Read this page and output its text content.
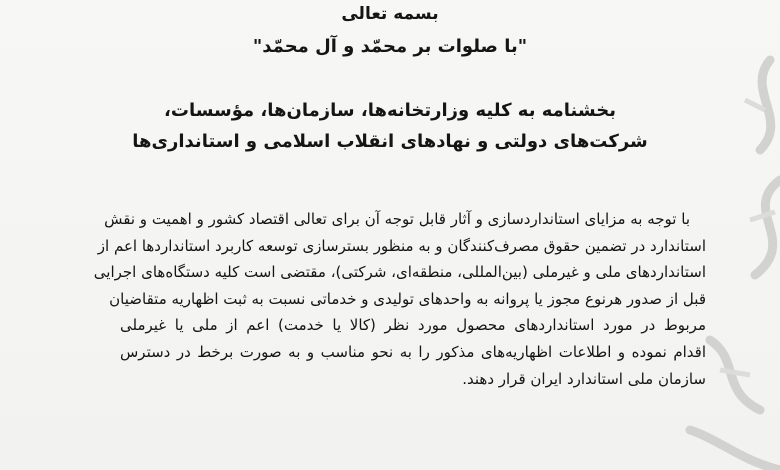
بسمه تعالی
"با صلوات بر محمّد و آل محمّد"
بخشنامه به کلیه وزارتخانه‌ها، سازمان‌ها، مؤسسات،
شرکت‌های دولتی و نهادهای انقلاب اسلامی و استانداری‌ها
با توجه به مزایای استانداردسازی و آثار قابل توجه آن برای تعالی اقتصاد کشور و اهمیت و نقش
استاندارد در تضمین حقوق مصرف‌کنندگان و به منظور بسترسازی توسعه کاربرد استانداردها اعم از
استانداردهای ملی و غیرملی (بین‌المللی، منطقه‌ای، شرکتی)، مقتضی است کلیه دستگاه‌های اجرایی
قبل از صدور هرنوع مجوز یا پروانه به واحدهای تولیدی و خدماتی نسبت به ثبت اظهاریه متقاضیان
مربوط در مورد استانداردهای محصول مورد نظر (کالا یا خدمت) اعم از ملی یا غیرملی
اقدام نموده و اطلاعات اظهاریه‌های مذکور را به نحو مناسب و به صورت برخط در دسترس
سازمان ملی استاندارد ایران قرار دهند.
